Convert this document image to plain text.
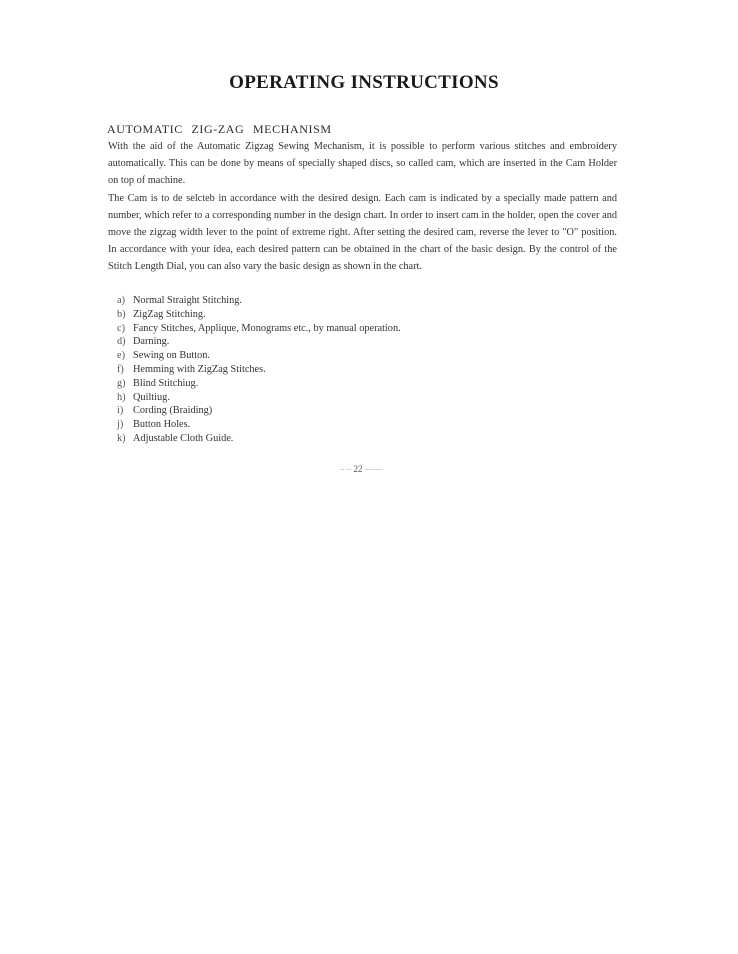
OPERATING INSTRUCTIONS
AUTOMATIC ZIG-ZAG MECHANISM

With the aid of the Automatic Zigzag Sewing Mechanism, it is possible to perform various stitches and embroidery automatically. This can be done by means of specially shaped discs, so called cam, which are inserted in the Cam Holder on top of machine.

The Cam is to de selcteb in accordance with the desired design. Each cam is indicated by a specially made pattern and number, which refer to a corresponding number in the design chart. In order to insert cam in the holder, open the cover and move the zigzag width lever to the point of extreme right. After setting the desired cam, reverse the lever to "O" position. In accordance with your idea, each desired pattern can be obtained in the chart of the basic design. By the control of the Stitch Length Dial, you can also vary the basic design as shown in the chart.

a) Normal Straight Stitching.
b) ZigZag Stitching.
c) Fancy Stitches, Applique, Monograms etc., by manual operation.
d) Darning.
e) Sewing on Button.
f) Hemming with ZigZag Stitches.
g) Blind Stitchiug.
h) Quiltiug.
i) Cording (Braiding)
j) Button Holes.
k) Adjustable Cloth Guide.
– – 22 ——
